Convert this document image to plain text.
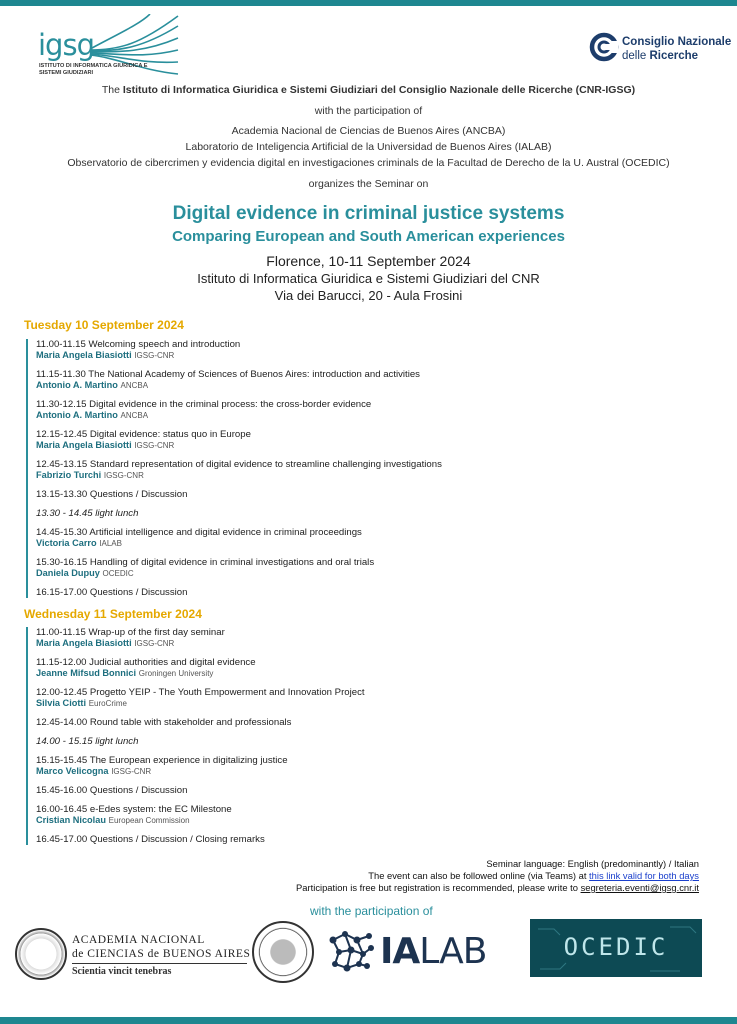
igsg
ISTITUTO DI INFORMATICA GIURIDICA E SISTEMI GIUDIZIARI
Consiglio Nazionale
delle Ricerche
The Istituto di Informatica Giuridica e Sistemi Giudiziari del Consiglio Nazionale delle Ricerche (CNR-IGSG)
with the participation of
Academia Nacional de Ciencias de Buenos Aires (ANCBA)
Laboratorio de Inteligencia Artificial de la Universidad de Buenos Aires (IALAB)
Observatorio de cibercrimen y evidencia digital en investigaciones criminals de la Facultad de Derecho de la U. Austral (OCEDIC)
organizes the Seminar on
Digital evidence in criminal justice systems
Comparing European and South American experiences
Florence, 10-11 September 2024
Istituto di Informatica Giuridica e Sistemi Giudiziari del CNR
Via dei Barucci, 20 - Aula Frosini
Tuesday 10 September 2024
11.00-11.15 Welcoming speech and introduction
Maria Angela Biasiotti IGSG-CNR
11.15-11.30 The National Academy of Sciences of Buenos Aires: introduction and activities
Antonio A. Martino ANCBA
11.30-12.15 Digital evidence in the criminal process: the cross-border evidence
Antonio A. Martino ANCBA
12.15-12.45 Digital evidence: status quo in Europe
Maria Angela Biasiotti IGSG-CNR
12.45-13.15 Standard representation of digital evidence to streamline challenging investigations
Fabrizio Turchi IGSG-CNR
13.15-13.30 Questions / Discussion
13.30 - 14.45 light lunch
14.45-15.30 Artificial intelligence and digital evidence in criminal proceedings
Victoria Carro IALAB
15.30-16.15 Handling of digital evidence in criminal investigations and oral trials
Daniela Dupuy OCEDIC
16.15-17.00 Questions / Discussion
Wednesday 11 September 2024
11.00-11.15 Wrap-up of the first day seminar
Maria Angela Biasiotti IGSG-CNR
11.15-12.00 Judicial authorities and digital evidence
Jeanne Mifsud Bonnici Groningen University
12.00-12.45 Progetto YEIP - The Youth Empowerment and Innovation Project
Silvia Ciotti EuroCrime
12.45-14.00 Round table with stakeholder and professionals
14.00 - 15.15 light lunch
15.15-15.45 The European experience in digitalizing justice
Marco Velicogna IGSG-CNR
15.45-16.00 Questions / Discussion
16.00-16.45 e-Edes system: the EC Milestone
Cristian Nicolau European Commission
16.45-17.00 Questions / Discussion / Closing remarks
Seminar language: English (predominantly) / Italian
The event can also be followed online (via Teams) at this link valid for both days
Participation is free but registration is recommended, please write to segreteria.eventi@igsg.cnr.it
with the participation of
ACADEMIA NACIONAL
de CIENCIAS de BUENOS AIRES
Scientia vincit tenebras	IALAB	OCEDIC
